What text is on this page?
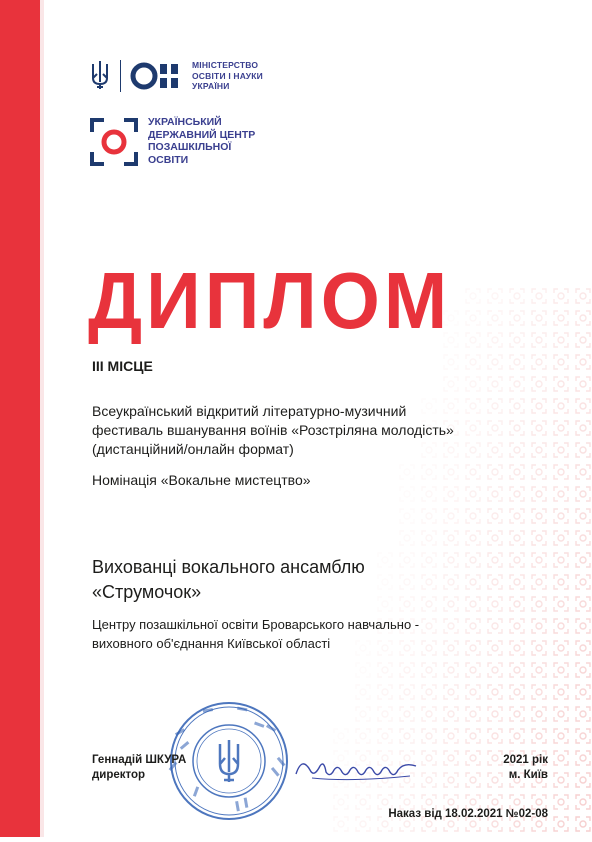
МІНІСТЕРСТВО
ОСВІТИ І НАУКИ
УКРАЇНИ
УКРАЇНСЬКИЙ
ДЕРЖАВНИЙ ЦЕНТР
ПОЗАШКІЛЬНОЇ
ОСВІТИ
ДИПЛОМ
ІІІ МІСЦЕ
Всеукраїнський відкритий літературно-музичний
фестиваль вшанування воїнів «Розстріляна молодість»
(дистанційний/онлайн формат)
Номінація «Вокальне мистецтво»
Вихованці вокального ансамблю
«Струмочок»
Центру позашкільної освіти Броварського навчально -
виховного об'єднання Київської області
Геннадій ШКУРА
директор
2021 рік
м. Київ
Наказ від 18.02.2021 №02-08
